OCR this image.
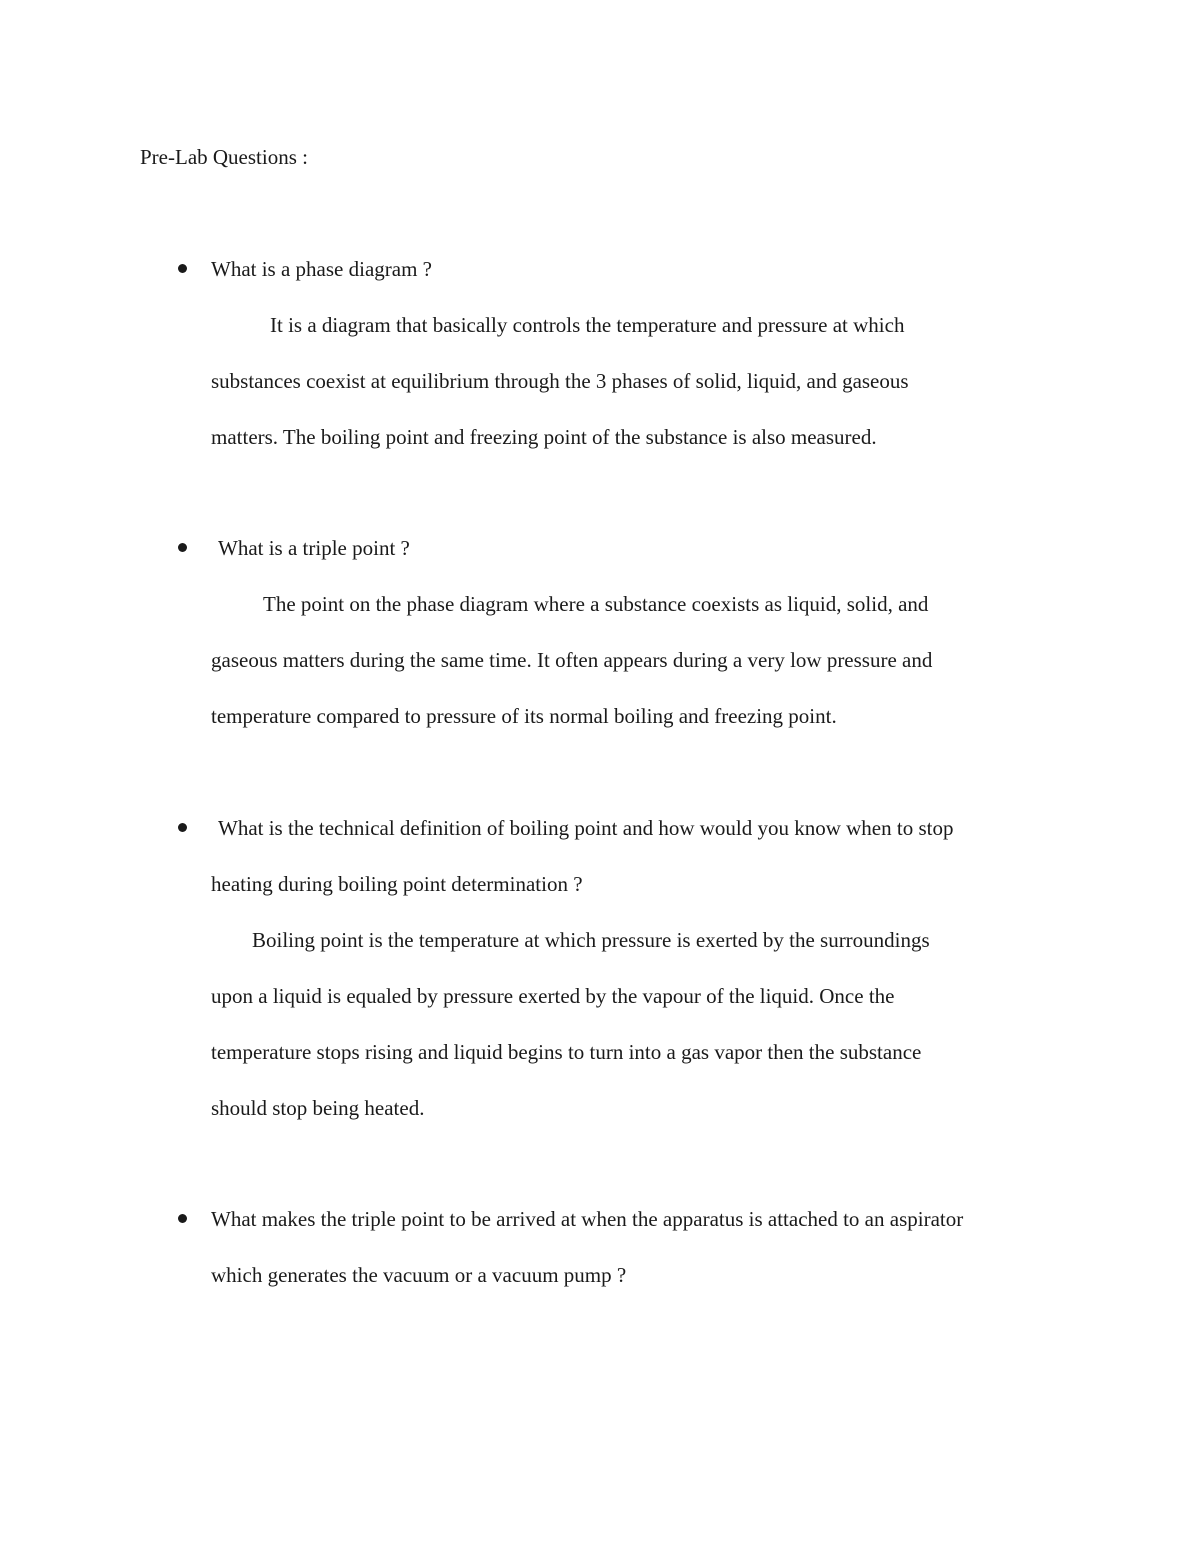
Pre-Lab Questions :
What is a phase diagram ?
It is a diagram that basically controls the temperature and pressure at which
substances coexist at equilibrium through the 3 phases of solid, liquid, and gaseous
matters. The boiling point and freezing point of the substance is also measured.
What is a triple point ?
The point on the phase diagram where a substance coexists as liquid, solid, and
gaseous matters during the same time. It often appears during a very low pressure and
temperature compared to pressure of its normal boiling and freezing point.
What is the technical definition of boiling point and how would you know when to stop
heating during boiling point determination ?
Boiling point is the temperature at which pressure is exerted by the surroundings
upon a liquid is equaled by pressure exerted by the vapour of the liquid. Once the
temperature stops rising and liquid begins to turn into a gas vapor then the substance
should stop being heated.
What makes the triple point to be arrived at when the apparatus is attached to an aspirator
which generates the vacuum or a vacuum pump ?
